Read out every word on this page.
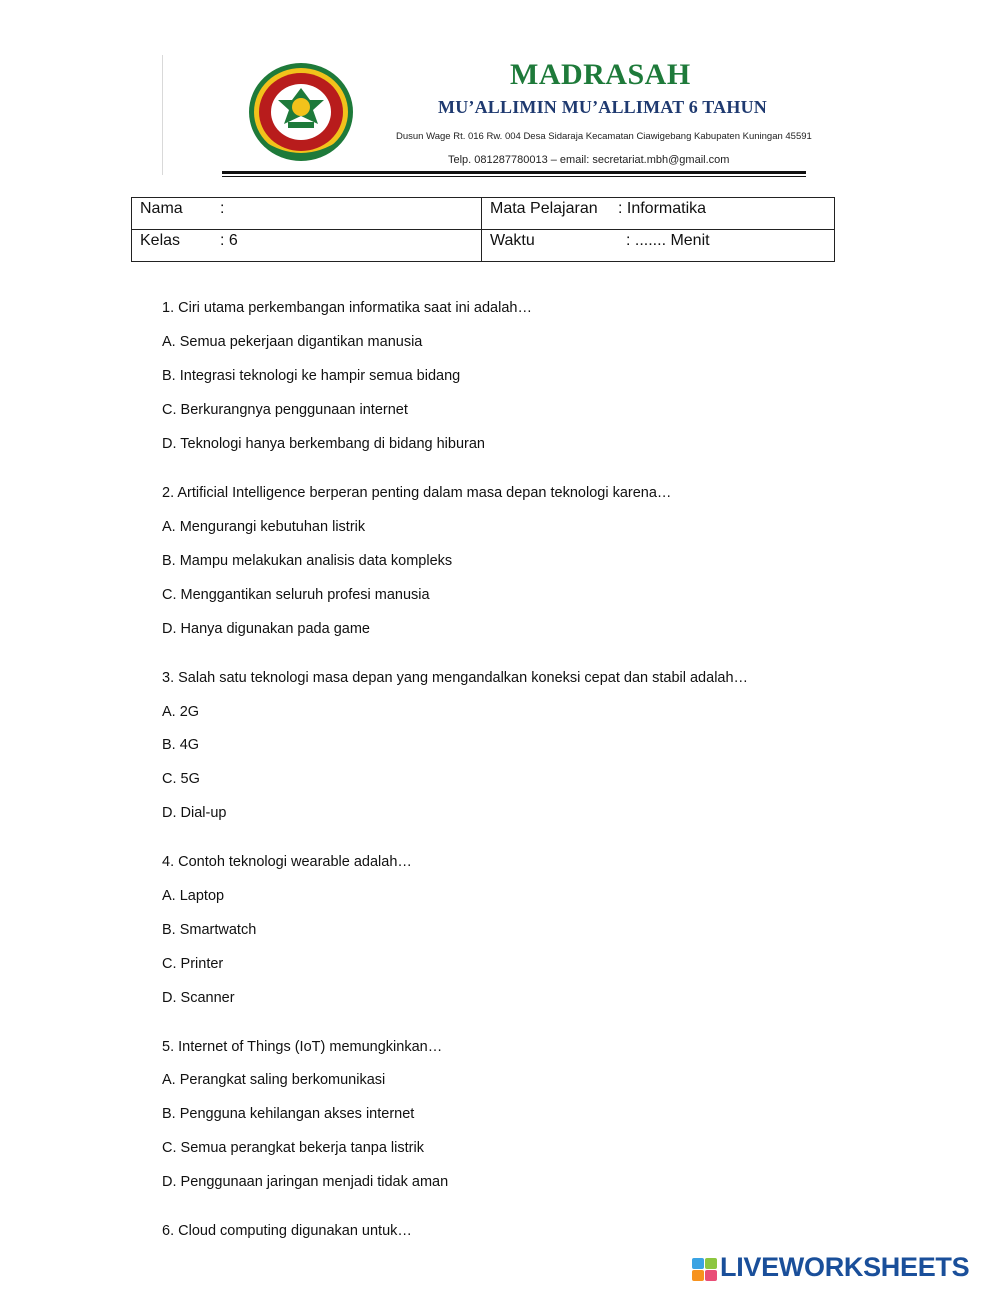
MADRASAH
MU’ALLIMIN MU’ALLIMAT 6 TAHUN
Dusun Wage Rt. 016 Rw. 004 Desa Sidaraja Kecamatan Ciawigebang Kabupaten Kuningan 45591
Telp. 081287780013 – email: secretariat.mbh@gmail.com
Nama :	Mata Pelajaran : Informatika
Kelas : 6	Waktu : ....... Menit
1. Ciri utama perkembangan informatika saat ini adalah…
A. Semua pekerjaan digantikan manusia
B. Integrasi teknologi ke hampir semua bidang
C. Berkurangnya penggunaan internet
D. Teknologi hanya berkembang di bidang hiburan
2. Artificial Intelligence berperan penting dalam masa depan teknologi karena…
A. Mengurangi kebutuhan listrik
B. Mampu melakukan analisis data kompleks
C. Menggantikan seluruh profesi manusia
D. Hanya digunakan pada game
3. Salah satu teknologi masa depan yang mengandalkan koneksi cepat dan stabil adalah…
A. 2G
B. 4G
C. 5G
D. Dial-up
4. Contoh teknologi wearable adalah…
A. Laptop
B. Smartwatch
C. Printer
D. Scanner
5. Internet of Things (IoT) memungkinkan…
A. Perangkat saling berkomunikasi
B. Pengguna kehilangan akses internet
C. Semua perangkat bekerja tanpa listrik
D. Penggunaan jaringan menjadi tidak aman
6. Cloud computing digunakan untuk…
LIVEWORKSHEETS
